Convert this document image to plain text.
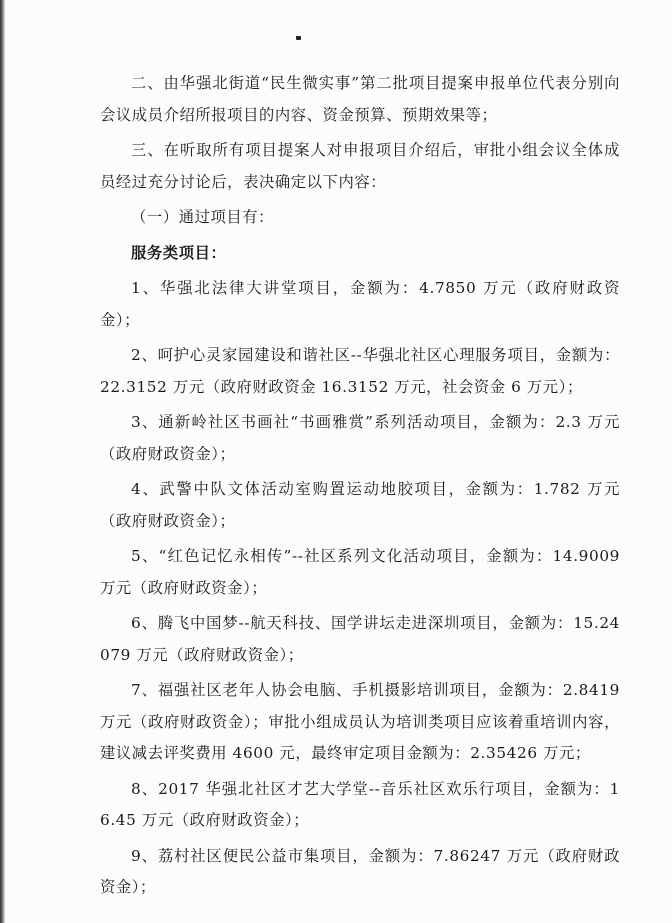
二、由华强北街道“民生微实事”第二批项目提案申报单位代表分别向会议成员介绍所报项目的内容、资金预算、预期效果等；

三、在听取所有项目提案人对申报项目介绍后，审批小组会议全体成员经过充分讨论后，表决确定以下内容：

（一）通过项目有：

服务类项目：

1、华强北法律大讲堂项目，金额为：4.7850 万元（政府财政资金）；

2、呵护心灵家园建设和谐社区--华强北社区心理服务项目，金额为：22.3152 万元（政府财政资金 16.3152 万元，社会资金 6 万元）；

3、通新岭社区书画社“书画雅赏”系列活动项目，金额为：2.3 万元（政府财政资金）；

4、武警中队文体活动室购置运动地胶项目，金额为：1.782 万元（政府财政资金）；

5、“红色记忆永相传”--社区系列文化活动项目，金额为：14.9009 万元（政府财政资金）；

6、腾飞中国梦--航天科技、国学讲坛走进深圳项目，金额为：15.24079 万元（政府财政资金）；

7、福强社区老年人协会电脑、手机摄影培训项目，金额为：2.8419 万元（政府财政资金）；审批小组成员认为培训类项目应该着重培训内容，建议减去评奖费用 4600 元，最终审定项目金额为：2.35426 万元；

8、2017 华强北社区才艺大学堂--音乐社区欢乐行项目，金额为：16.45 万元（政府财政资金）；

9、荔村社区便民公益市集项目，金额为：7.86247 万元（政府财政资金）；
